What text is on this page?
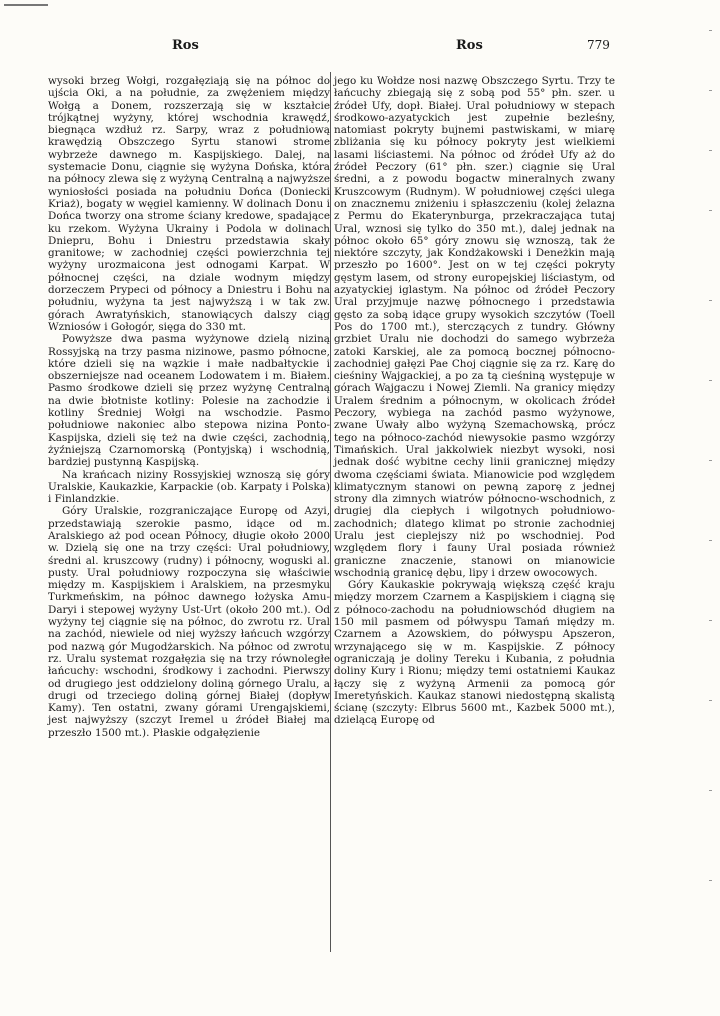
Ros	Ros	779

wysoki brzeg Wołgi, rozgałęziają się na północ do ujścia Oki, a na południe, za zwężeniem między Wołgą a Donem, rozszerzają się w kształcie trójkątnej wyżyny, której wschodnia krawędź, biegnąca wzdłuż rz. Sarpy, wraz z południową krawędzią Obszczego Syrtu stanowi strome wybrzeże dawnego m. Kaspijskiego. Dalej, na systemacie Donu, ciągnie się wyżyna Dońska, która na północy zlewa się z wyżyną Centralną a najwyższe wyniosłości posiada na południu Dońca (Doniecki Kriaż), bogaty w węgiel kamienny. W dolinach Donu i Dońca tworzy ona strome ściany kredowe, spadające ku rzekom. Wyżyna Ukrainy i Podola w dolinach Dniepru, Bohu i Dniestru przedstawia skały granitowe; w zachodniej części powierzchnia tej wyżyny urozmaicona jest odnogami Karpat. W północnej części, na dziale wodnym między dorzeczem Prypeci od północy a Dniestru i Bohu na południu, wyżyna ta jest najwyższą i w tak zw. górach Awratyńskich, stanowiących dalszy ciąg Wzniosów i Gołogór, sięga do 330 mt.

Powyższe dwa pasma wyżynowe dzielą niziną Rossyjską na trzy pasma nizinowe, pasmo północne, które dzieli się na wązkie i małe nadbałtyckie i obszerniejsze nad oceanem Lodowatem i m. Białem. Pasmo środkowe dzieli się przez wyżynę Centralną na dwie błotniste kotliny: Polesie na zachodzie i kotliny Średniej Wołgi na wschodzie. Pasmo południowe nakoniec albo stepowa nizina Ponto-Kaspijska, dzieli się też na dwie części, zachodnią, żyźniejszą Czarnomorską (Pontyjską) i wschodnią, bardziej pustynną Kaspijską.

Na krańcach niziny Rossyjskiej wznoszą się góry Uralskie, Kaukazkie, Karpackie (ob. Karpaty i Polska) i Finlandzkie.

Góry Uralskie, rozgraniczające Europę od Azyi, przedstawiają szerokie pasmo, idące od m. Aralskiego aż pod ocean Północy, długie około 2000 w. Dzielą się one na trzy części: Ural południowy, średni al. kruszcowy (rudny) i północny, woguski al. pusty. Ural południowy rozpoczyna się właściwie między m. Kaspijskiem i Aralskiem, na przesmyku Turkmeńskim, na północ dawnego łożyska Amu-Daryi i stepowej wyżyny Ust-Urt (około 200 mt.). Od wyżyny tej ciągnie się na północ, do zwrotu rz. Ural na zachód, niewiele od niej wyższy łańcuch wzgórzy pod nazwą gór Mugodżarskich. Na północ od zwrotu rz. Uralu systemat rozgałęzia się na trzy równoległe łańcuchy: wschodni, środkowy i zachodni. Pierwszy od drugiego jest oddzielony doliną górnego Uralu, a drugi od trzeciego doliną górnej Białej (dopływ Kamy). Ten ostatni, zwany górami Urengajskiemi, jest najwyższy (szczyt Iremel u źródeł Białej ma przeszło 1500 mt.). Płaskie odgałęzienie

jego ku Wołdze nosi nazwę Obszczego Syrtu. Trzy te łańcuchy zbiegają się z sobą pod 55° płn. szer. u źródeł Ufy, dopł. Białej. Ural południowy w stepach środkowo-azyatyckich jest zupełnie bezleśny, natomiast pokryty bujnemi pastwiskami, w miarę zbliżania się ku północy pokryty jest wielkiemi lasami liściastemi. Na północ od źródeł Ufy aż do źródeł Peczory (61° płn. szer.) ciągnie się Ural średni, a z powodu bogactw mineralnych zwany Kruszcowym (Rudnym). W południowej części ulega on znacznemu zniżeniu i spłaszczeniu (kolej żelazna z Permu do Ekaterynburga, przekraczająca tutaj Ural, wznosi się tylko do 350 mt.), dalej jednak na północ około 65° góry znowu się wznoszą, tak że niektóre szczyty, jak Kondżakowski i Deneżkin mają przeszło po 1600°. Jest on w tej części pokryty gęstym lasem, od strony europejskiej liściastym, od azyatyckiej iglastym. Na północ od źródeł Peczory Ural przyjmuje nazwę północnego i przedstawia gęsto za sobą idące grupy wysokich szczytów (Toell Pos do 1700 mt.), sterczących z tundry. Główny grzbiet Uralu nie dochodzi do samego wybrzeża zatoki Karskiej, ale za pomocą bocznej północno-zachodniej gałęzi Pae Choj ciągnie się za rz. Karę do cieśniny Wajgackiej, a po za tą cieśniną występuje w górach Wajgaczu i Nowej Ziemli. Na granicy między Uralem średnim a północnym, w okolicach źródeł Peczory, wybiega na zachód pasmo wyżynowe, zwane Uwały albo wyżyną Szemachowską, prócz tego na północo-zachód niewysokie pasmo wzgórzy Timańskich. Ural jakkolwiek niezbyt wysoki, nosi jednak dość wybitne cechy linii granicznej między dwoma częściami świata. Mianowicie pod względem klimatycznym stanowi on pewną zaporę z jednej strony dla zimnych wiatrów północno-wschodnich, z drugiej dla ciepłych i wilgotnych południowo-zachodnich; dlatego klimat po stronie zachodniej Uralu jest cieplejszy niż po wschodniej. Pod względem flory i fauny Ural posiada również graniczne znaczenie, stanowi on mianowicie wschodnią granicę dębu, lipy i drzew owocowych.

Góry Kaukaskie pokrywają większą część kraju między morzem Czarnem a Kaspijskiem i ciągną się z północo-zachodu na południowschód długiem na 150 mil pasmem od półwyspu Tamań między m. Czarnem a Azowskiem, do półwyspu Apszeron, wrzynającego się w m. Kaspijskie. Z północy ograniczają je doliny Tereku i Kubania, z południa doliny Kury i Rionu; między temi ostatniemi Kaukaz łączy się z wyżyną Armenii za pomocą gór Imeretyńskich. Kaukaz stanowi niedostępną skalistą ścianę (szczyty: Elbrus 5600 mt., Kazbek 5000 mt.), dzielącą Europę od
